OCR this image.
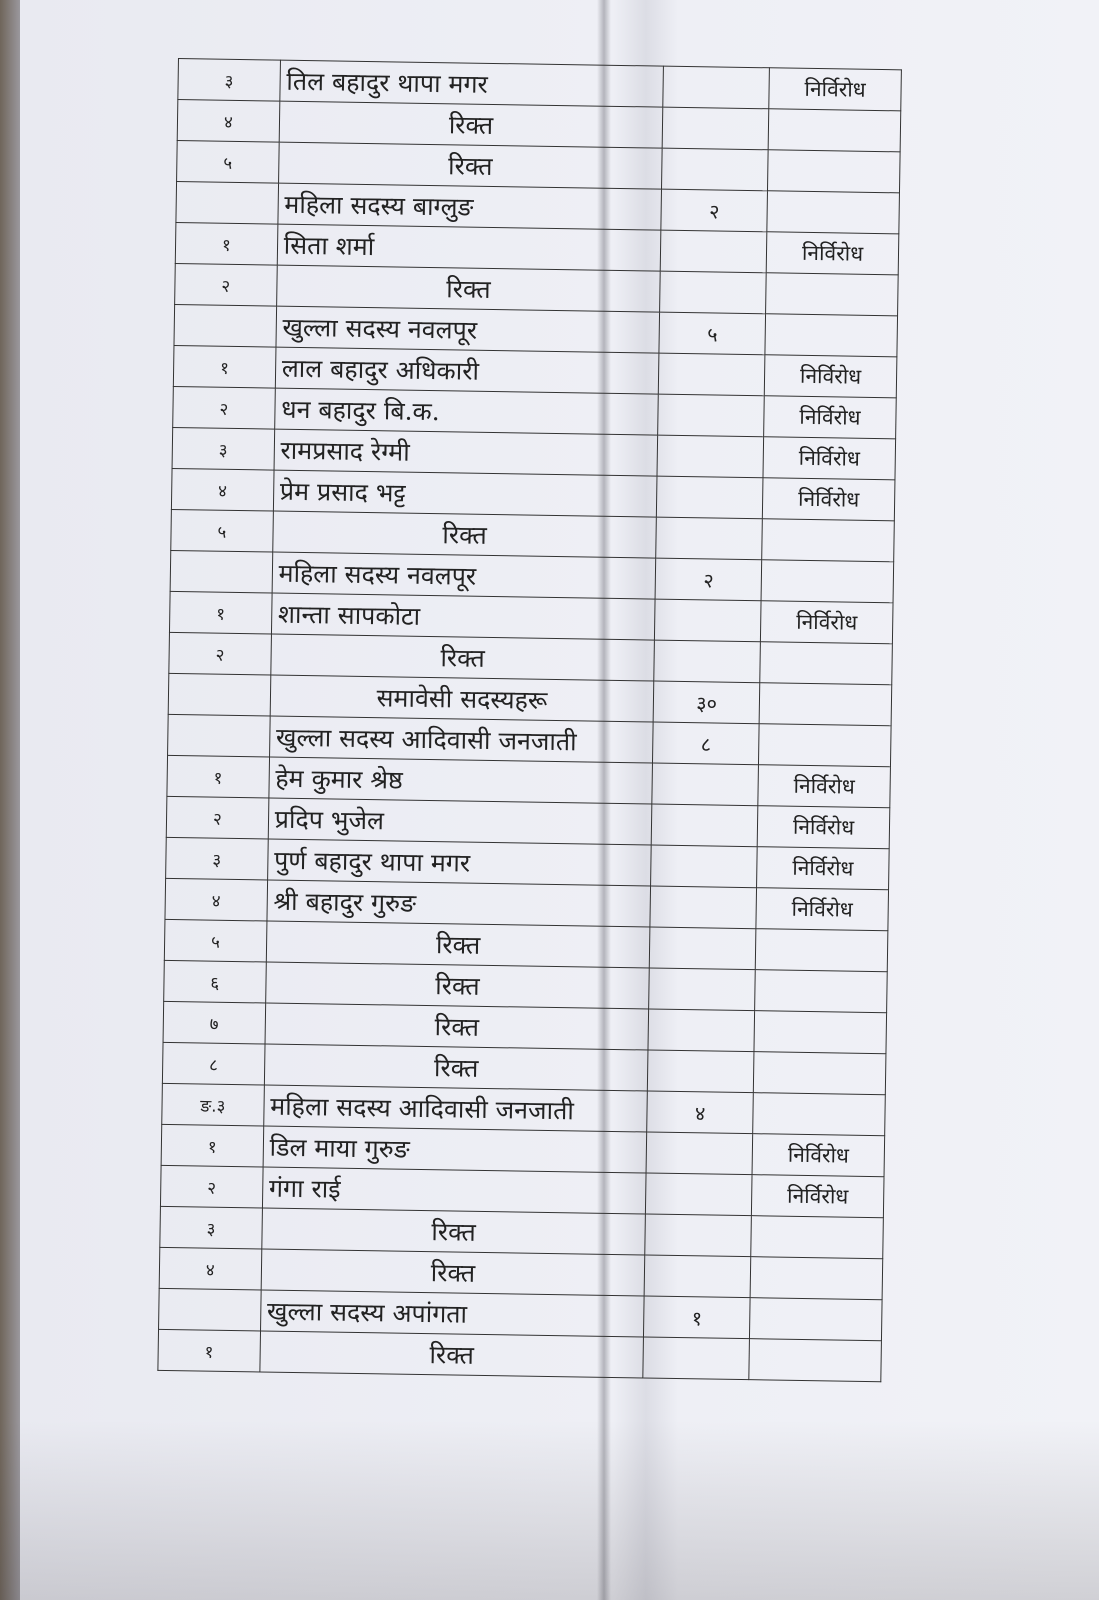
३	तिल बहादुर थापा मगर		निर्विरोध
४	रिक्त		
५	रिक्त		
	महिला सदस्य बाग्लुङ	२	
१	सिता शर्मा		निर्विरोध
२	रिक्त		
	खुल्ला सदस्य नवलपूर	५	
१	लाल बहादुर अधिकारी		निर्विरोध
२	धन बहादुर बि.क.		निर्विरोध
३	रामप्रसाद रेग्मी		निर्विरोध
४	प्रेम प्रसाद भट्ट		निर्विरोध
५	रिक्त		
	महिला सदस्य नवलपूर	२	
१	शान्ता सापकोटा		निर्विरोध
२	रिक्त		
	समावेसी सदस्यहरू	३०	
	खुल्ला सदस्य आदिवासी जनजाती	८	
१	हेम कुमार श्रेष्ठ		निर्विरोध
२	प्रदिप भुजेल		निर्विरोध
३	पुर्ण बहादुर थापा मगर		निर्विरोध
४	श्री बहादुर गुरुङ		निर्विरोध
५	रिक्त		
६	रिक्त		
७	रिक्त		
८	रिक्त		
ङ.३	महिला सदस्य आदिवासी जनजाती	४	
१	डिल माया गुरुङ		निर्विरोध
२	गंगा राई		निर्विरोध
३	रिक्त		
४	रिक्त		
	खुल्ला सदस्य अपांगता	१	
१	रिक्त		
